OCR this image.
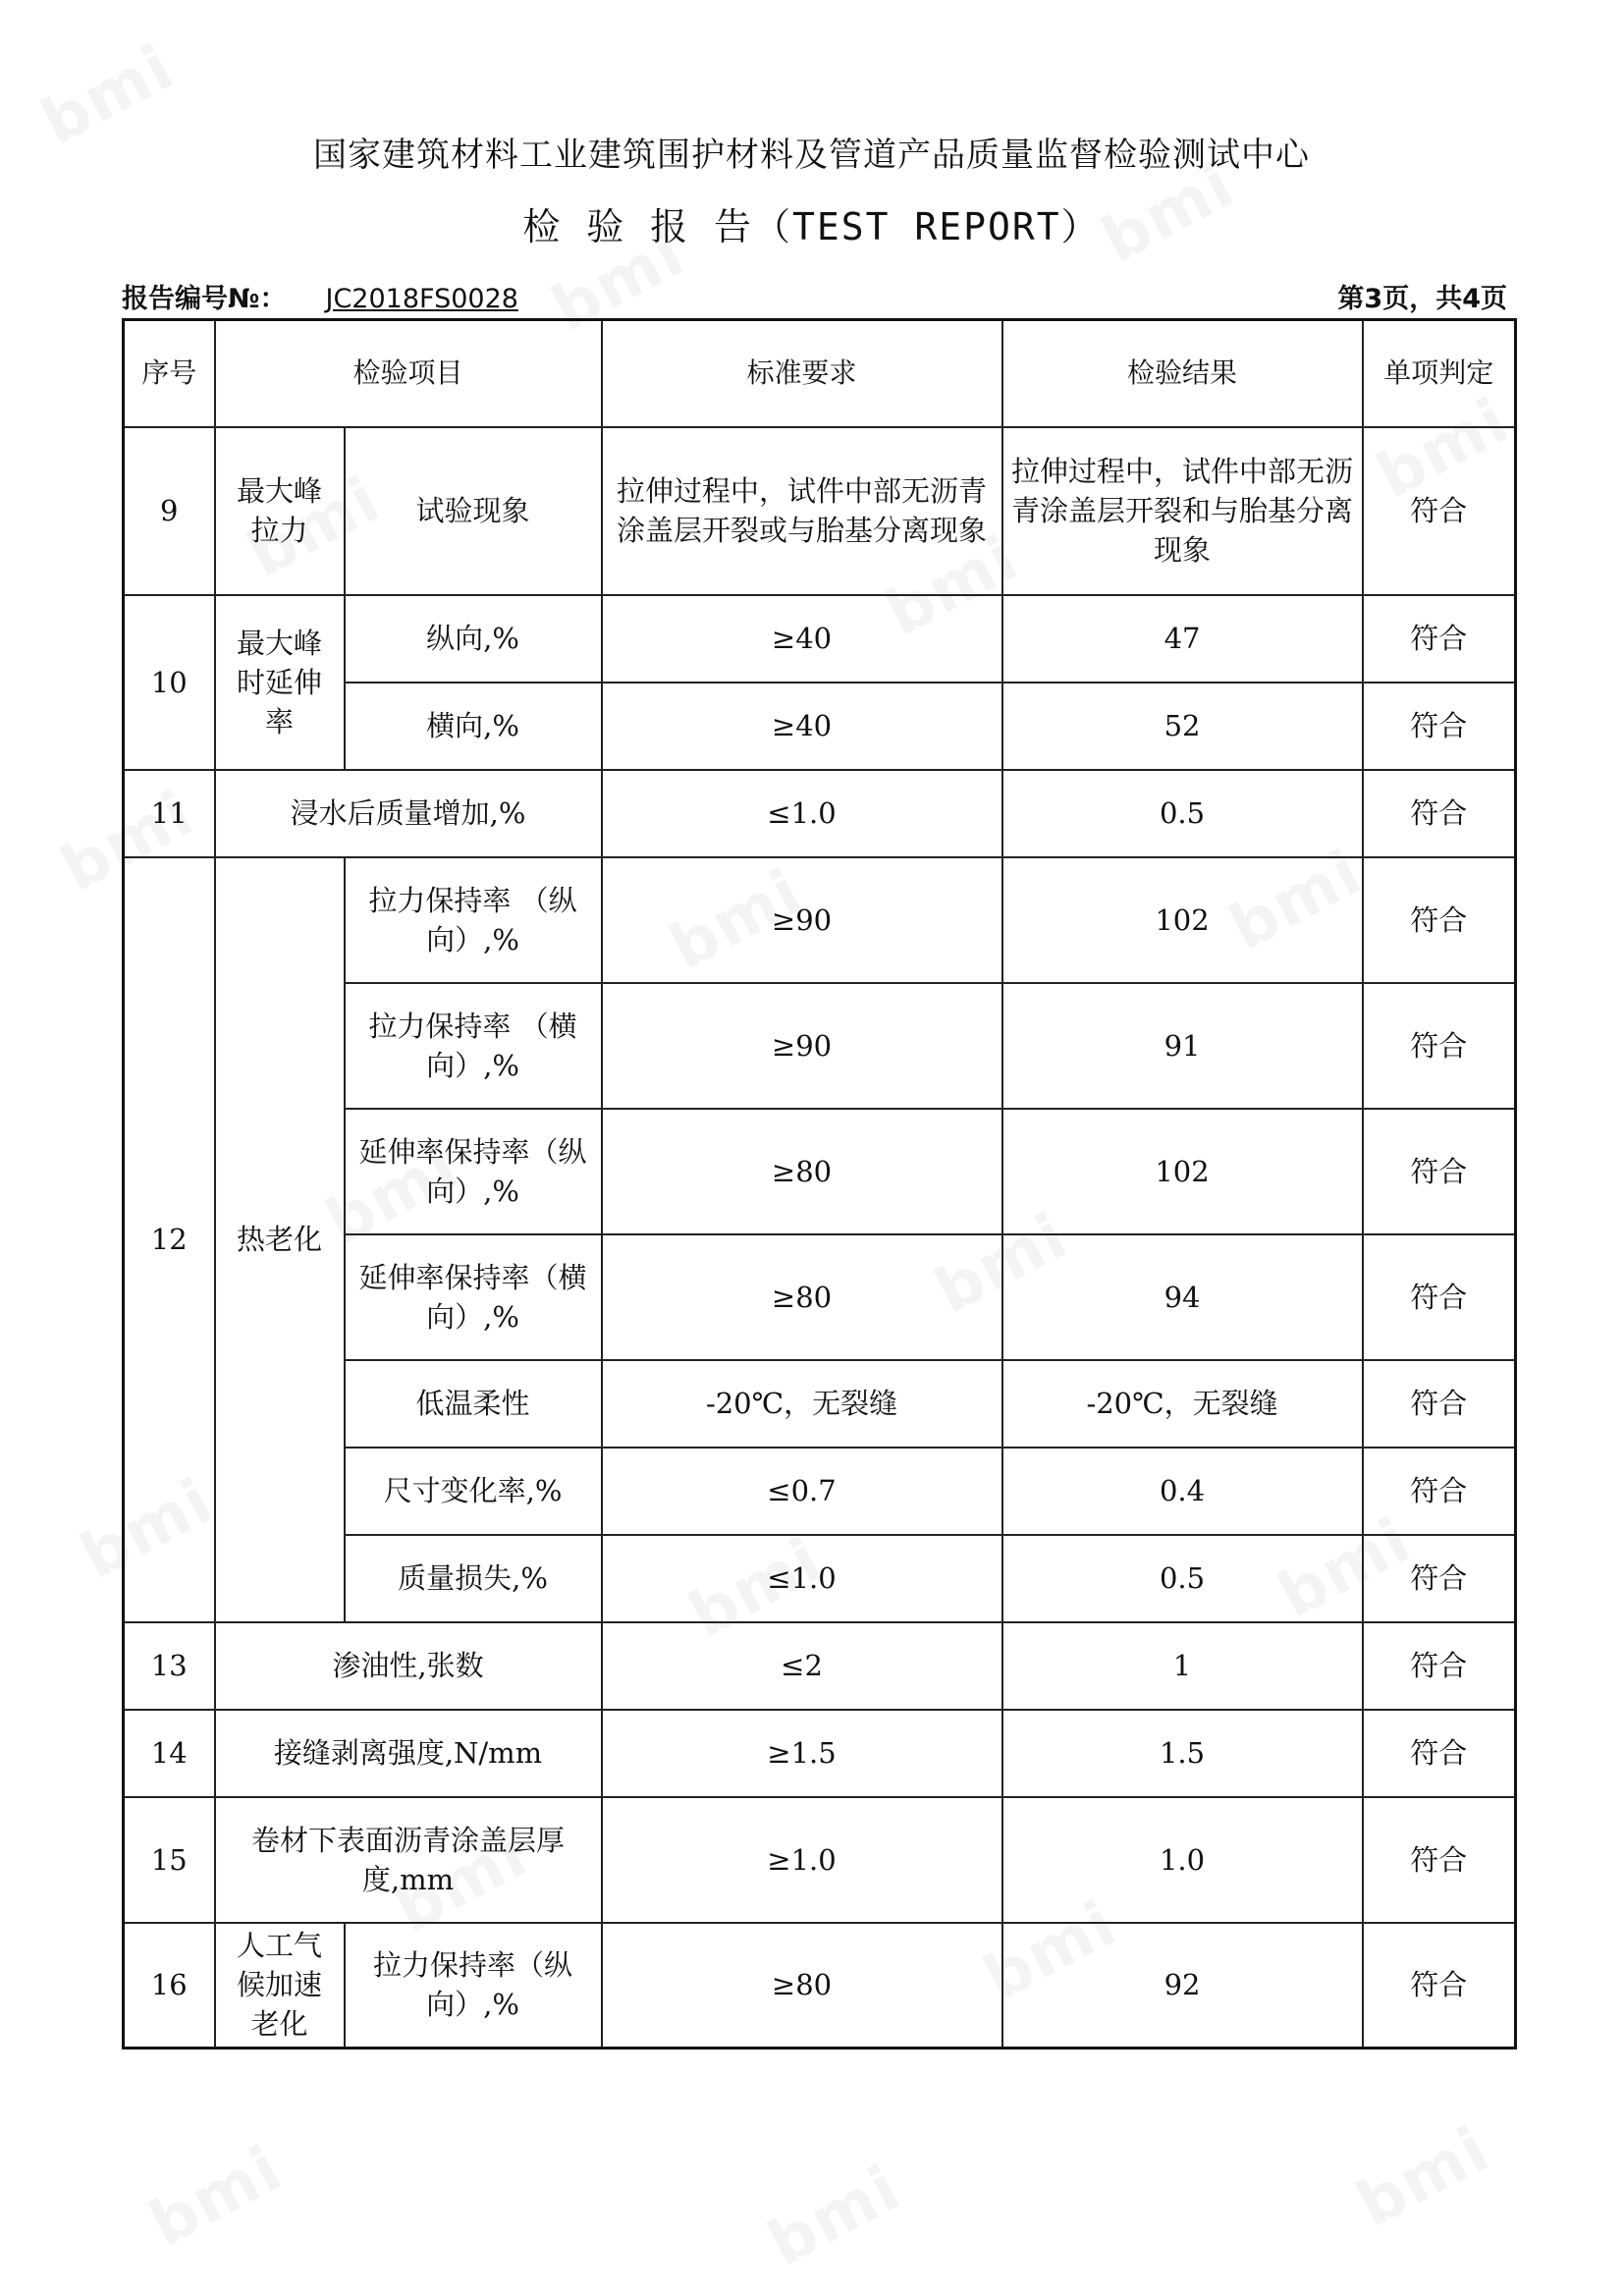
国家建筑材料工业建筑围护材料及管道产品质量监督检验测试中心
检 验 报 告（TEST REPORT）
报告编号№： JC2018FS0028	第3页，共4页
序号	检验项目		标准要求	检验结果	单项判定
9	最大峰拉力	试验现象	拉伸过程中，试件中部无沥青涂盖层开裂或与胎基分离现象	拉伸过程中，试件中部无沥青涂盖层开裂和与胎基分离现象	符合
10	最大峰时延伸率	纵向,%	≥40	47	符合
		横向,%	≥40	52	符合
11	浸水后质量增加,%		≤1.0	0.5	符合
12	热老化	拉力保持率 （纵向）,%	≥90	102	符合
		拉力保持率 （横向）,%	≥90	91	符合
		延伸率保持率（纵向）,%	≥80	102	符合
		延伸率保持率（横向）,%	≥80	94	符合
		低温柔性	-20℃，无裂缝	-20℃，无裂缝	符合
		尺寸变化率,%	≤0.7	0.4	符合
		质量损失,%	≤1.0	0.5	符合
13	渗油性,张数		≤2	1	符合
14	接缝剥离强度,N/mm		≥1.5	1.5	符合
15	卷材下表面沥青涂盖层厚度,mm		≥1.0	1.0	符合
16	人工气候加速老化	拉力保持率（纵向）,%	≥80	92	符合
